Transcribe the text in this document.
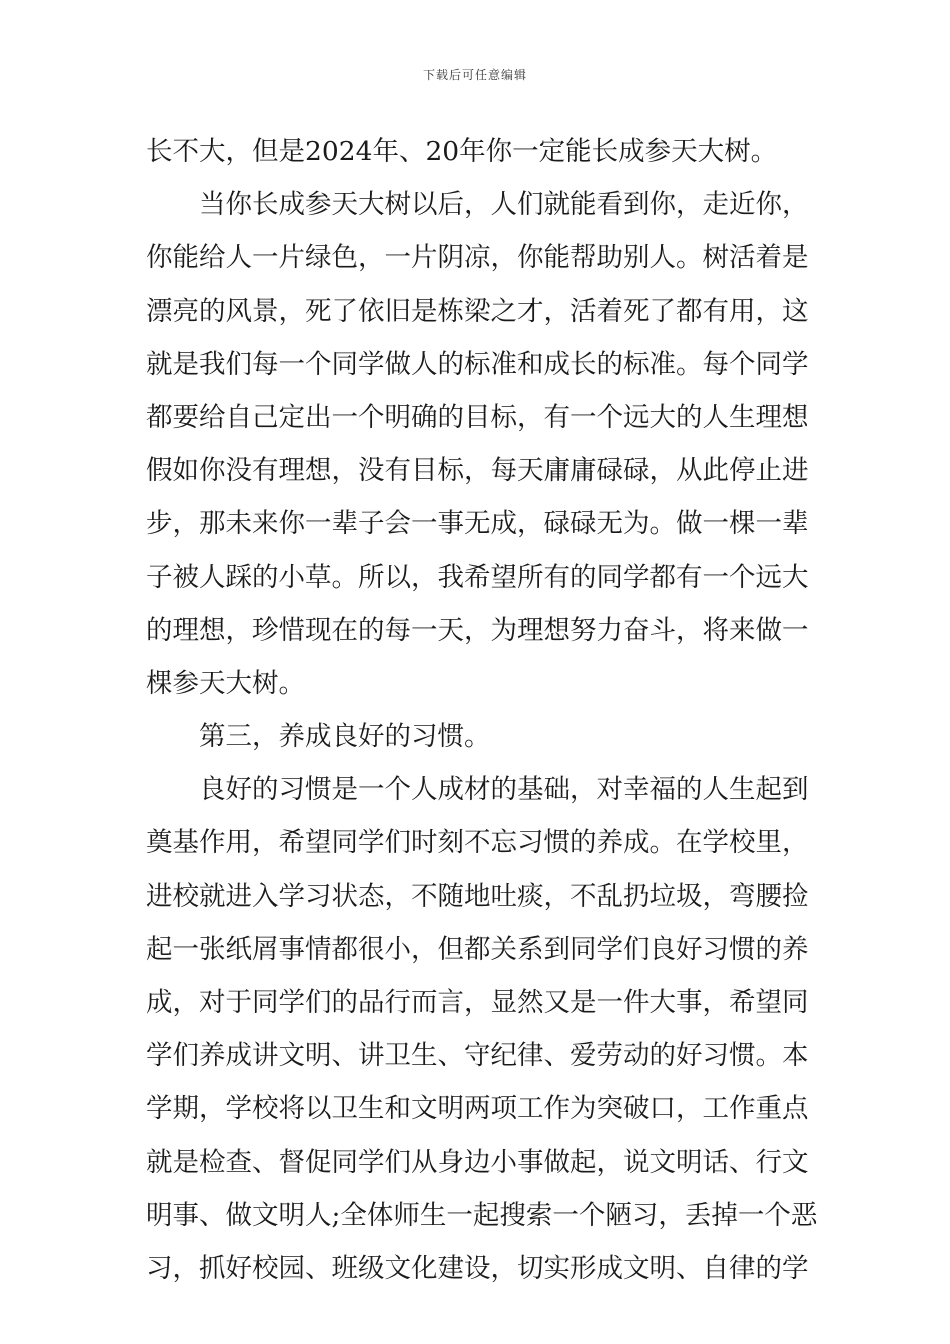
下载后可任意编辑
长不大，但是2024年、20年你一定能长成参天大树。
当你长成参天大树以后，人们就能看到你，走近你，
你能给人一片绿色，一片阴凉，你能帮助别人。树活着是
漂亮的风景，死了依旧是栋梁之才，活着死了都有用，这
就是我们每一个同学做人的标准和成长的标准。每个同学
都要给自己定出一个明确的目标，有一个远大的人生理想
假如你没有理想，没有目标，每天庸庸碌碌，从此停止进
步，那未来你一辈子会一事无成，碌碌无为。做一棵一辈
子被人踩的小草。所以，我希望所有的同学都有一个远大
的理想，珍惜现在的每一天，为理想努力奋斗，将来做一
棵参天大树。
第三，养成良好的习惯。
良好的习惯是一个人成材的基础，对幸福的人生起到
奠基作用，希望同学们时刻不忘习惯的养成。在学校里，
进校就进入学习状态，不随地吐痰，不乱扔垃圾，弯腰捡
起一张纸屑事情都很小，但都关系到同学们良好习惯的养
成，对于同学们的品行而言，显然又是一件大事，希望同
学们养成讲文明、讲卫生、守纪律、爱劳动的好习惯。本
学期，学校将以卫生和文明两项工作为突破口，工作重点
就是检查、督促同学们从身边小事做起，说文明话、行文
明事、做文明人;全体师生一起搜索一个陋习，丢掉一个恶
习，抓好校园、班级文化建设，切实形成文明、自律的学
